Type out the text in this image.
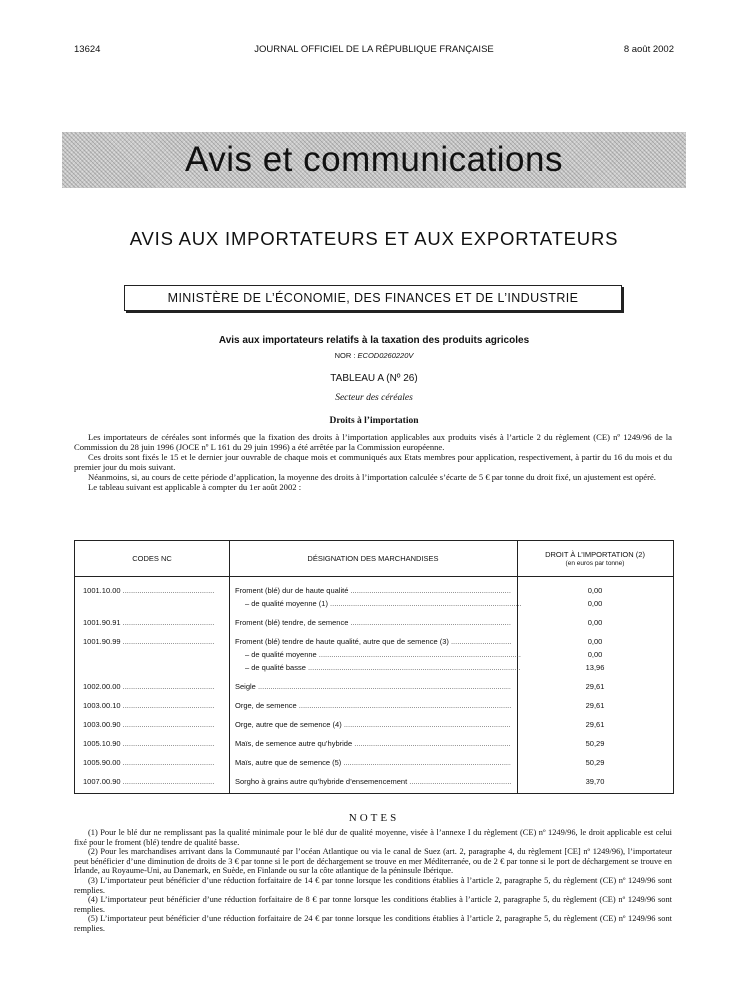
13624	JOURNAL OFFICIEL DE LA RÉPUBLIQUE FRANÇAISE	8 août 2002
Avis et communications
AVIS AUX IMPORTATEURS ET AUX EXPORTATEURS
MINISTÈRE DE L’ÉCONOMIE, DES FINANCES ET DE L’INDUSTRIE
Avis aux importateurs relatifs à la taxation des produits agricoles
NOR : ECOD0260220V
TABLEAU A (Nº 26)
Secteur des céréales
Droits à l’importation

Les importateurs de céréales sont informés que la fixation des droits à l’importation applicables aux produits visés à l’article 2 du règlement (CE) nº 1249/96 de la Commission du 28 juin 1996 (JOCE nº L 161 du 29 juin 1996) a été arrêtée par la Commission européenne.

Ces droits sont fixés le 15 et le dernier jour ouvrable de chaque mois et communiqués aux Etats membres pour application, respectivement, à partir du 16 du mois et du premier jour du mois suivant.

Néanmoins, si, au cours de cette période d’application, la moyenne des droits à l’importation calculée s’écarte de 5 € par tonne du droit fixé, un ajustement est opéré.

Le tableau suivant est applicable à compter du 1er août 2002 :

CODES NC	DÉSIGNATION DES MARCHANDISES	DROIT À L’IMPORTATION (2)
(en euros par tonne)
1001.10.00 .....	Froment (blé) dur de haute qualité .....	0,00
– de qualité moyenne (1) .....	0,00
1001.90.91 .....	Froment (blé) tendre, de semence .....	0,00
1001.90.99 .....	Froment (blé) tendre de haute qualité, autre que de semence (3) .....	0,00
– de qualité moyenne .....	0,00
– de qualité basse .....	13,96
1002.00.00 .....	Seigle .....	29,61
1003.00.10 .....	Orge, de semence .....	29,61
1003.00.90 .....	Orge, autre que de semence (4) .....	29,61
1005.10.90 .....	Maïs, de semence autre qu’hybride .....	50,29
1005.90.00 .....	Maïs, autre que de semence (5) .....	50,29
1007.00.90 .....	Sorgho à grains autre qu’hybride d’ensemencement .....	39,70
NOTES

(1) Pour le blé dur ne remplissant pas la qualité minimale pour le blé dur de qualité moyenne, visée à l’annexe I du règlement (CE) nº 1249/96, le droit applicable est celui fixé pour le froment (blé) tendre de qualité basse.

(2) Pour les marchandises arrivant dans la Communauté par l’océan Atlantique ou via le canal de Suez (art. 2, paragraphe 4, du règlement [CE] nº 1249/96), l’importateur peut bénéficier d’une diminution de droits de 3 € par tonne si le port de déchargement se trouve en mer Méditerranée, ou de 2 € par tonne si le port de déchargement se trouve en Irlande, au Royaume-Uni, au Danemark, en Suède, en Finlande ou sur la côte atlantique de la péninsule Ibérique.

(3) L’importateur peut bénéficier d’une réduction forfaitaire de 14 € par tonne lorsque les conditions établies à l’article 2, paragraphe 5, du règlement (CE) nº 1249/96 sont remplies.

(4) L’importateur peut bénéficier d’une réduction forfaitaire de 8 € par tonne lorsque les conditions établies à l’article 2, paragraphe 5, du règlement (CE) nº 1249/96 sont remplies.

(5) L’importateur peut bénéficier d’une réduction forfaitaire de 24 € par tonne lorsque les conditions établies à l’article 2, paragraphe 5, du règlement (CE) nº 1249/96 sont remplies.
